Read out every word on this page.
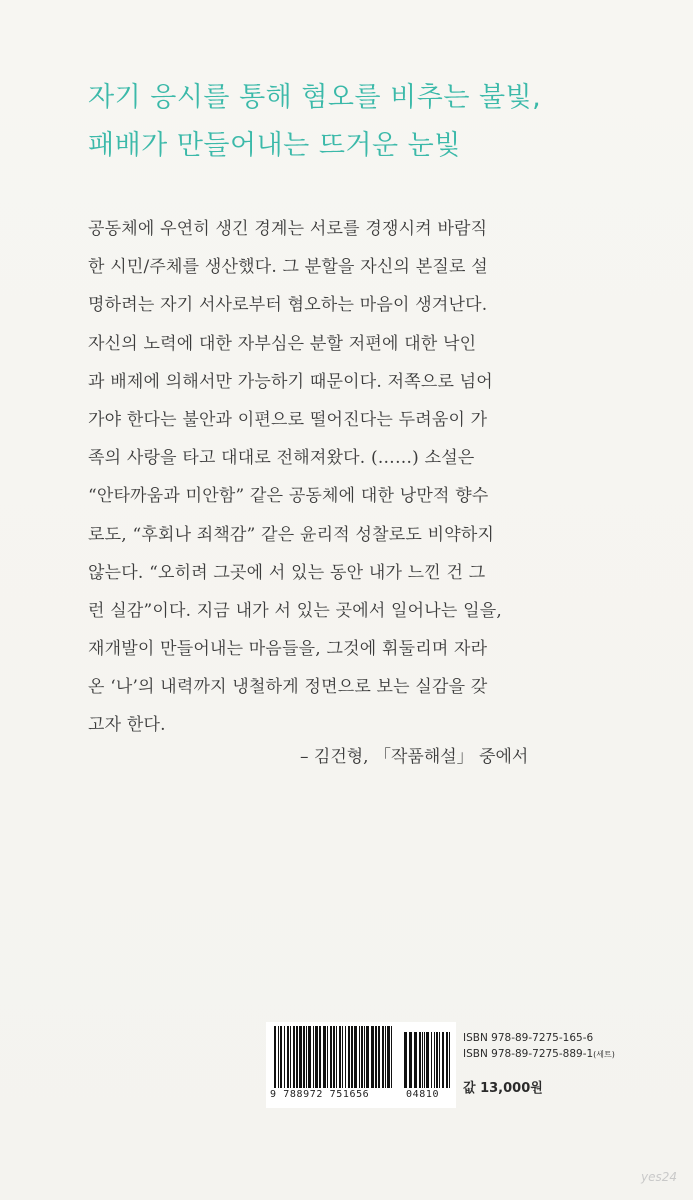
자기 응시를 통해 혐오를 비추는 불빛,
패배가 만들어내는 뜨거운 눈빛
공동체에 우연히 생긴 경계는 서로를 경쟁시켜 바람직
한 시민/주체를 생산했다. 그 분할을 자신의 본질로 설
명하려는 자기 서사로부터 혐오하는 마음이 생겨난다.
자신의 노력에 대한 자부심은 분할 저편에 대한 낙인
과 배제에 의해서만 가능하기 때문이다. 저쪽으로 넘어
가야 한다는 불안과 이편으로 떨어진다는 두려움이 가
족의 사랑을 타고 대대로 전해져왔다. (……) 소설은
“안타까움과 미안함” 같은 공동체에 대한 낭만적 향수
로도, “후회나 죄책감” 같은 윤리적 성찰로도 비약하지
않는다. “오히려 그곳에 서 있는 동안 내가 느낀 건 그
런 실감”이다. 지금 내가 서 있는 곳에서 일어나는 일을,
재개발이 만들어내는 마음들을, 그것에 휘둘리며 자라
온 ‘나’의 내력까지 냉철하게 정면으로 보는 실감을 갖
고자 한다.
– 김건형, 「작품해설」 중에서
9 788972 751656	04810
ISBN 978-89-7275-165-6
ISBN 978-89-7275-889-1(세트)
값 13,000원
yes24
